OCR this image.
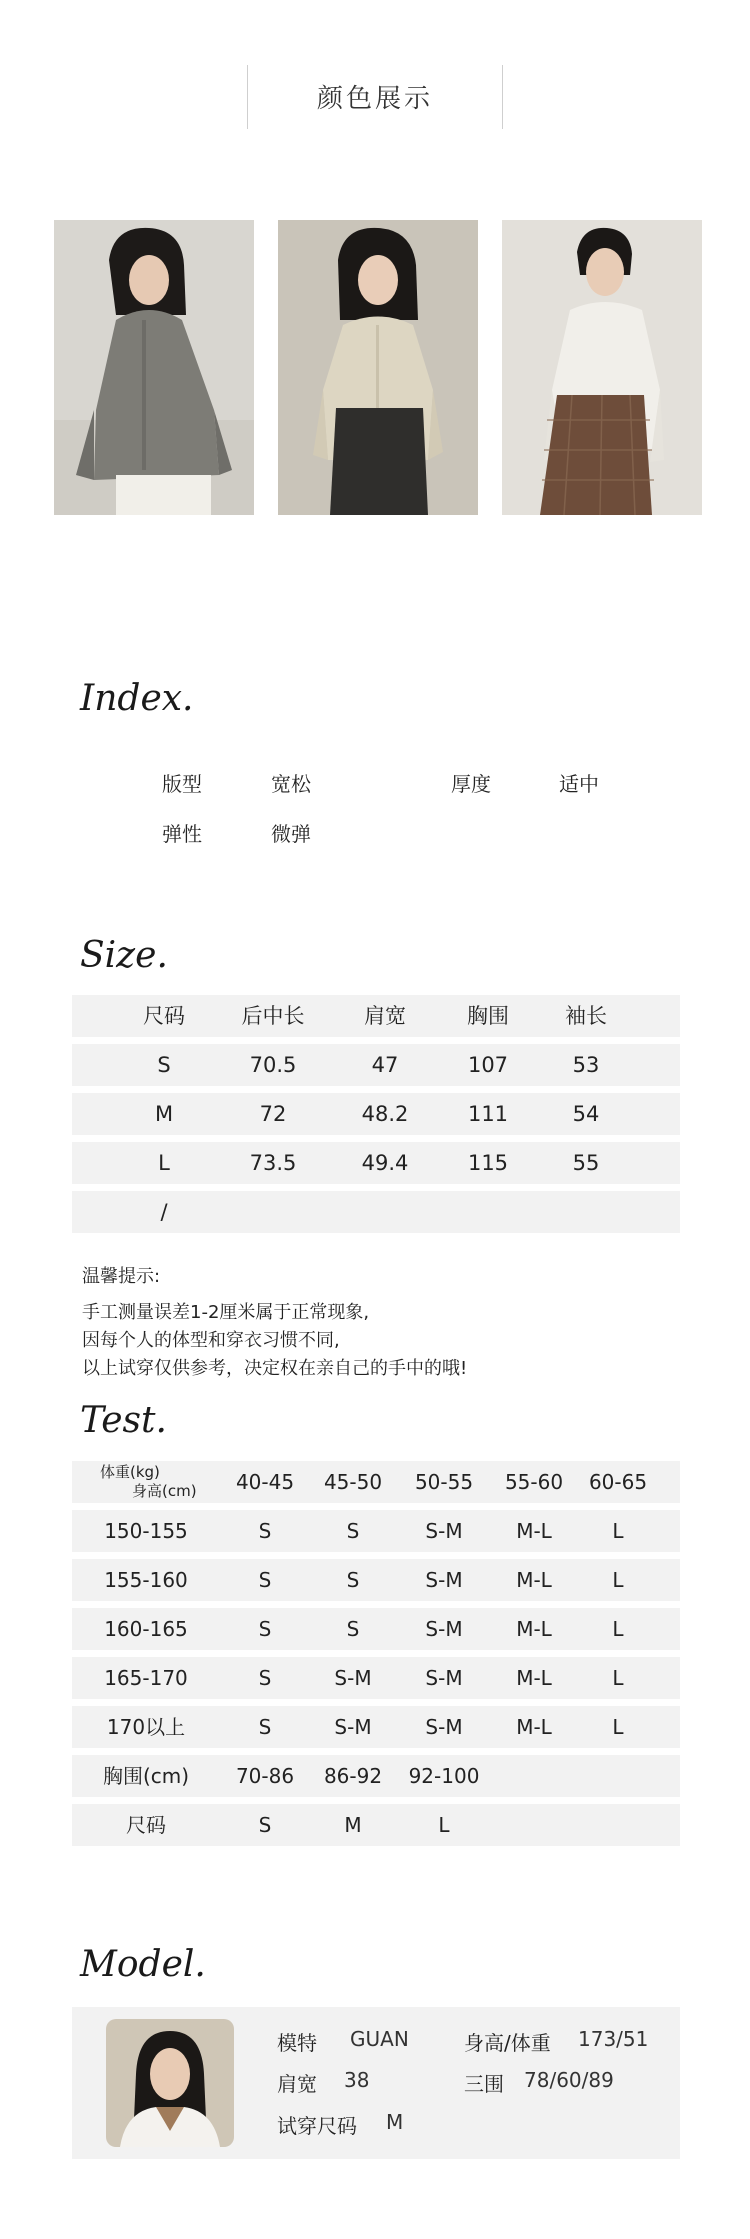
颜色展示
Index.
版型	宽松	厚度	适中
弹性	微弹
Size.
尺码	后中长	肩宽	胸围	袖长
S	70.5	47	107	53
M	72	48.2	111	54
L	73.5	49.4	115	55
/
温馨提示:
手工测量误差1-2厘米属于正常现象,
因每个人的体型和穿衣习惯不同,
以上试穿仅供参考，决定权在亲自己的手中的哦!
Test.
体重(kg)
身高(cm) 40-45 45-50 50-55 55-60 60-65
150-155	S	S	S-M	M-L	L
155-160	S	S	S-M	M-L	L
160-165	S	S	S-M	M-L	L
165-170	S	S-M	S-M	M-L	L
170以上	S	S-M	S-M	M-L	L
胸围(cm) 70-86 86-92 92-100
尺码	S	M	L
Model.
模特 GUAN	身高/体重 173/51
肩宽 38	三围 78/60/89
试穿尺码 M
